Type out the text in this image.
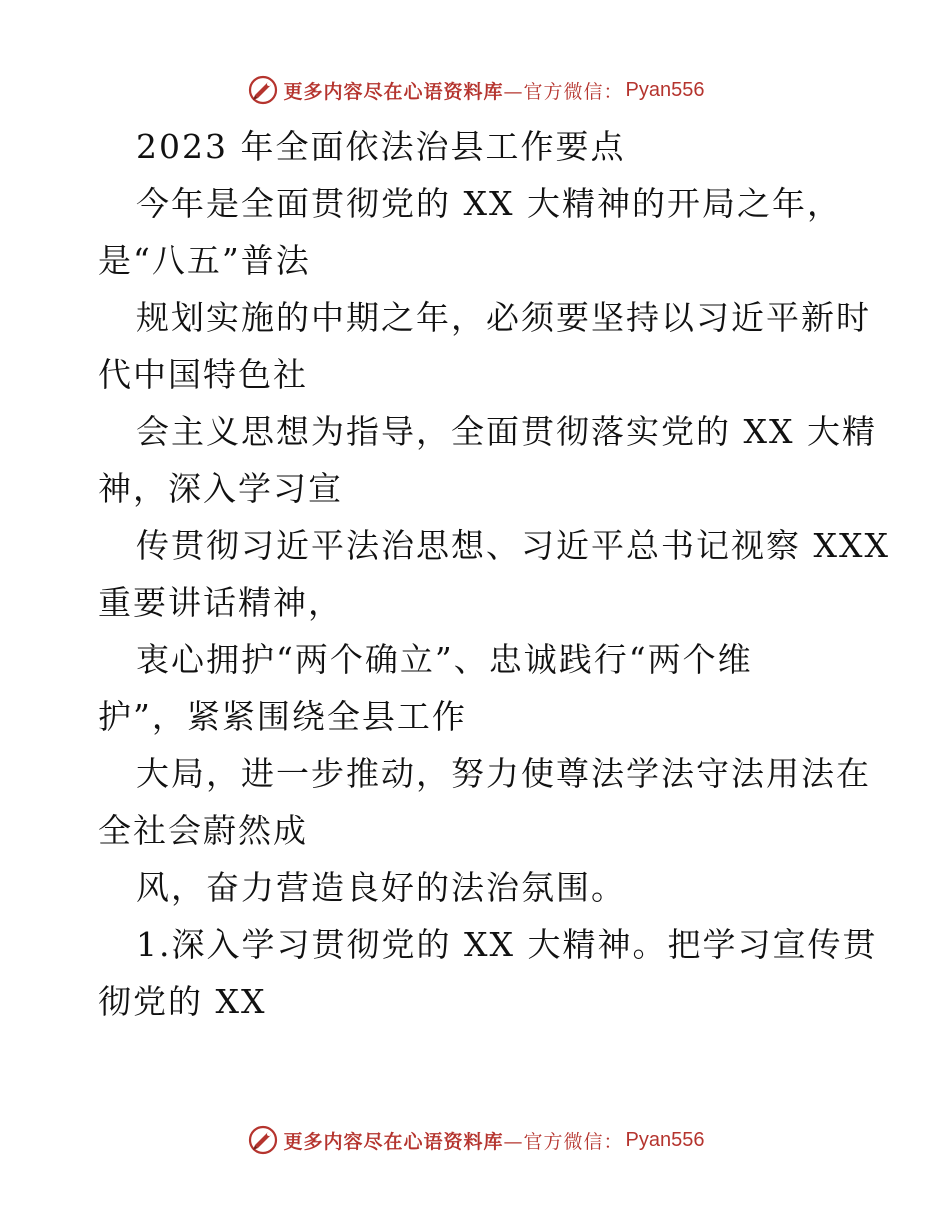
更多内容尽在心语资料库 —官方微信： Pyan556
2023 年全面依法治县工作要点
今年是全面贯彻党的 XX 大精神的开局之年，
是“八五”普法
规划实施的中期之年，必须要坚持以习近平新时
代中国特色社
会主义思想为指导，全面贯彻落实党的 XX 大精
神，深入学习宣
传贯彻习近平法治思想、习近平总书记视察 XXX
重要讲话精神，
衷心拥护“两个确立”、忠诚践行“两个维
护”，紧紧围绕全县工作
大局，进一步推动，努力使尊法学法守法用法在
全社会蔚然成
风，奋力营造良好的法治氛围。
1.深入学习贯彻党的 XX 大精神。把学习宣传贯
彻党的 XX
更多内容尽在心语资料库 —官方微信： Pyan556
